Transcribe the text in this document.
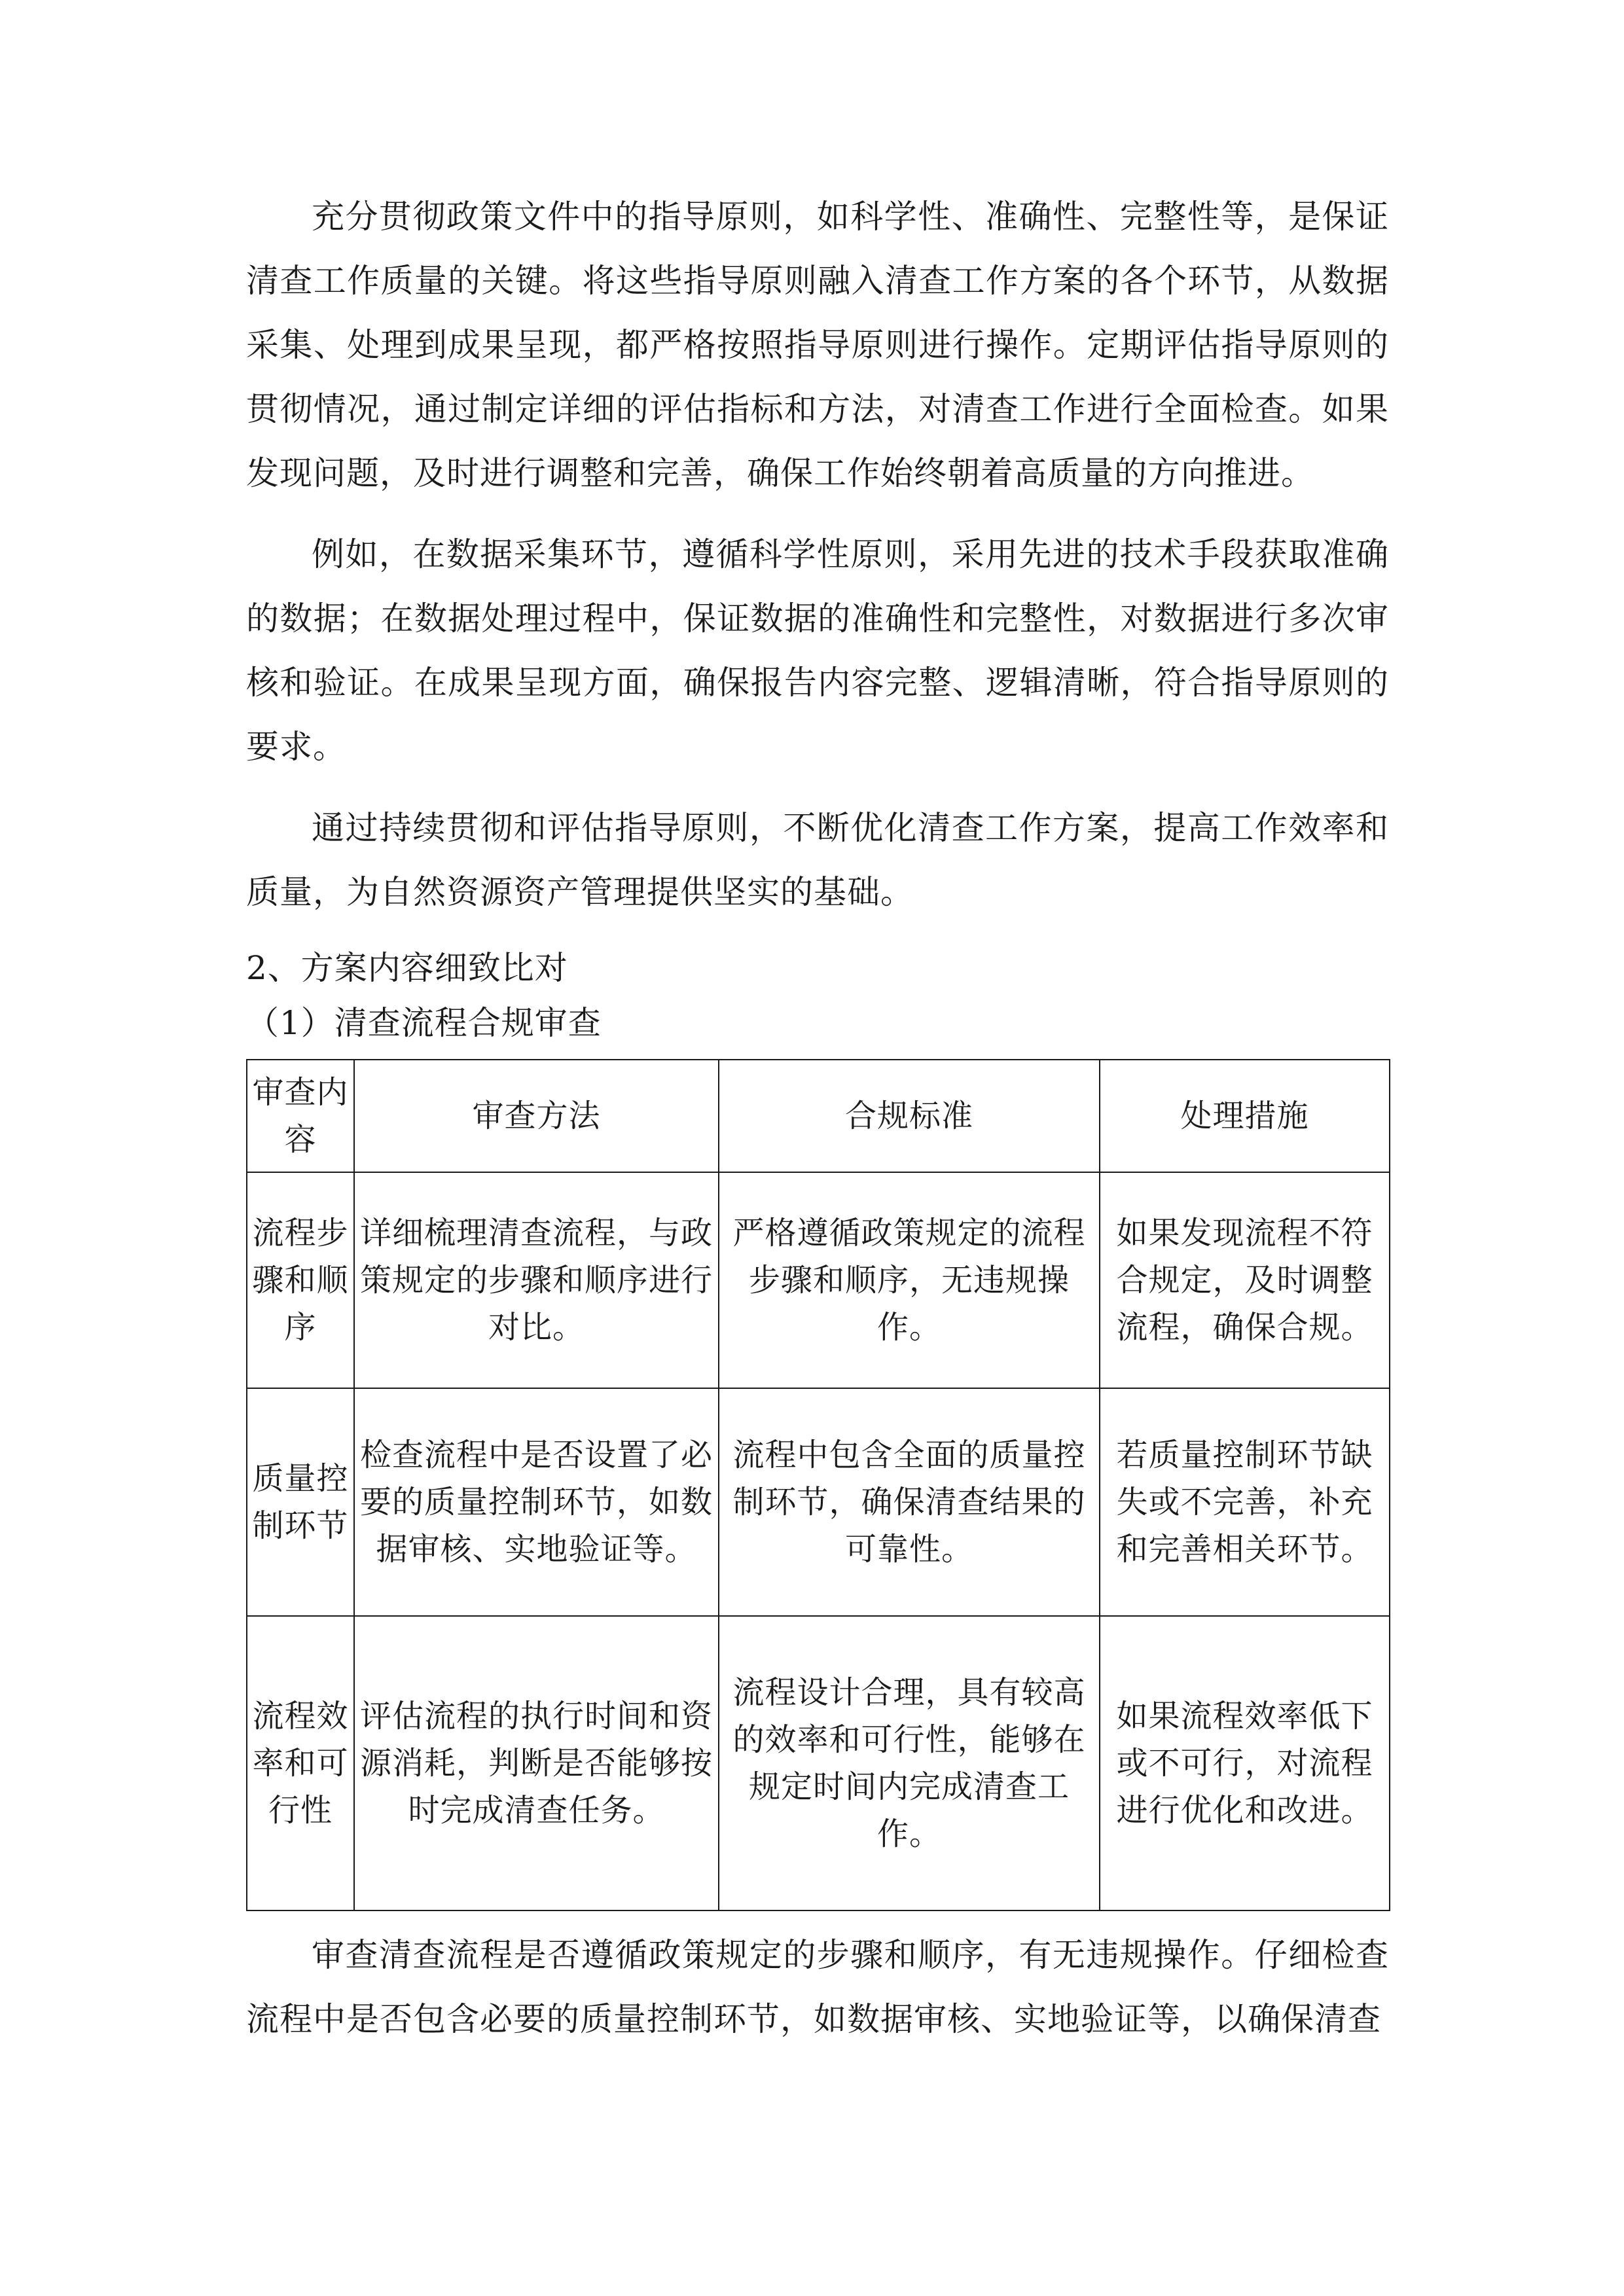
充分贯彻政策文件中的指导原则，如科学性、准确性、完整性等，是保证清查工作质量的关键。将这些指导原则融入清查工作方案的各个环节，从数据采集、处理到成果呈现，都严格按照指导原则进行操作。定期评估指导原则的贯彻情况，通过制定详细的评估指标和方法，对清查工作进行全面检查。如果发现问题，及时进行调整和完善，确保工作始终朝着高质量的方向推进。

例如，在数据采集环节，遵循科学性原则，采用先进的技术手段获取准确的数据；在数据处理过程中，保证数据的准确性和完整性，对数据进行多次审核和验证。在成果呈现方面，确保报告内容完整、逻辑清晰，符合指导原则的要求。

通过持续贯彻和评估指导原则，不断优化清查工作方案，提高工作效率和质量，为自然资源资产管理提供坚实的基础。

2、方案内容细致比对

（1）清查流程合规审查

审查内容	审查方法	合规标准	处理措施
流程步骤和顺序	详细梳理清查流程，与政策规定的步骤和顺序进行对比。	严格遵循政策规定的流程步骤和顺序，无违规操作。	如果发现流程不符合规定，及时调整流程，确保合规。
质量控制环节	检查流程中是否设置了必要的质量控制环节，如数据审核、实地验证等。	流程中包含全面的质量控制环节，确保清查结果的可靠性。	若质量控制环节缺失或不完善，补充和完善相关环节。
流程效率和可行性	评估流程的执行时间和资源消耗，判断是否能够按时完成清查任务。	流程设计合理，具有较高的效率和可行性，能够在规定时间内完成清查工作。	如果流程效率低下或不可行，对流程进行优化和改进。

审查清查流程是否遵循政策规定的步骤和顺序，有无违规操作。仔细检查流程中是否包含必要的质量控制环节，如数据审核、实地验证等，以确保清查
